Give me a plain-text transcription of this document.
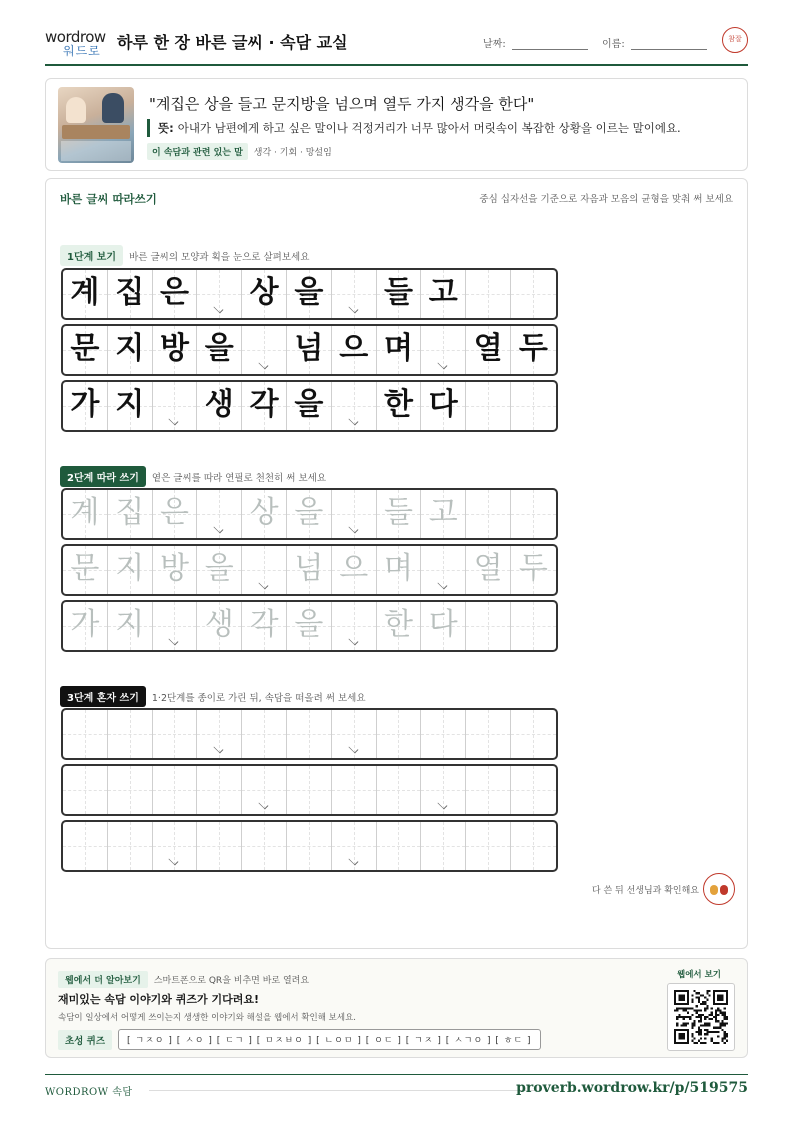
wordrow
워드로 하루 한 장 바른 글씨 · 속담 교실	날짜:	이름:	참잘
"계집은 상을 들고 문지방을 넘으며 열두 가지 생각을 한다"
뜻: 아내가 남편에게 하고 싶은 말이나 걱정거리가 너무 많아서 머릿속이 복잡한 상황을 이르는 말이에요.
이 속담과 관련 있는 말 생각 · 기회 · 망설임
바른 글씨 따라쓰기	중심 십자선을 기준으로 자음과 모음의 균형을 맞춰 써 보세요
1단계 보기 바른 글씨의 모양과 획을 눈으로 살펴보세요
계 집 은 상 을 들 고
문 지 방 을 넘 으 며 열 두
가 지 생 각 을 한 다
2단계 따라 쓰기 옅은 글씨를 따라 연필로 천천히 써 보세요
계 집 은 상 을 들 고
문 지 방 을 넘 으 며 열 두
가 지 생 각 을 한 다
3단계 혼자 쓰기 1·2단계를 종이로 가린 뒤, 속담을 떠올려 써 보세요
다 쓴 뒤 선생님과 확인해요
웹에서 더 알아보기 스마트폰으로 QR을 비추면 바로 열려요
재미있는 속담 이야기와 퀴즈가 기다려요!
속담이 일상에서 어떻게 쓰이는지 생생한 이야기와 해설을 웹에서 확인해 보세요.
초성 퀴즈 [ ㄱㅈㅇ ] [ ㅅㅇ ] [ ㄷㄱ ] [ ㅁㅈㅂㅇ ] [ ㄴㅇㅁ ] [ ㅇㄷ ] [ ㄱㅈ ] [ ㅅㄱㅇ ] [ ㅎㄷ ]
웹에서 보기
WORDROW 속담	proverb.wordrow.kr/p/519575
